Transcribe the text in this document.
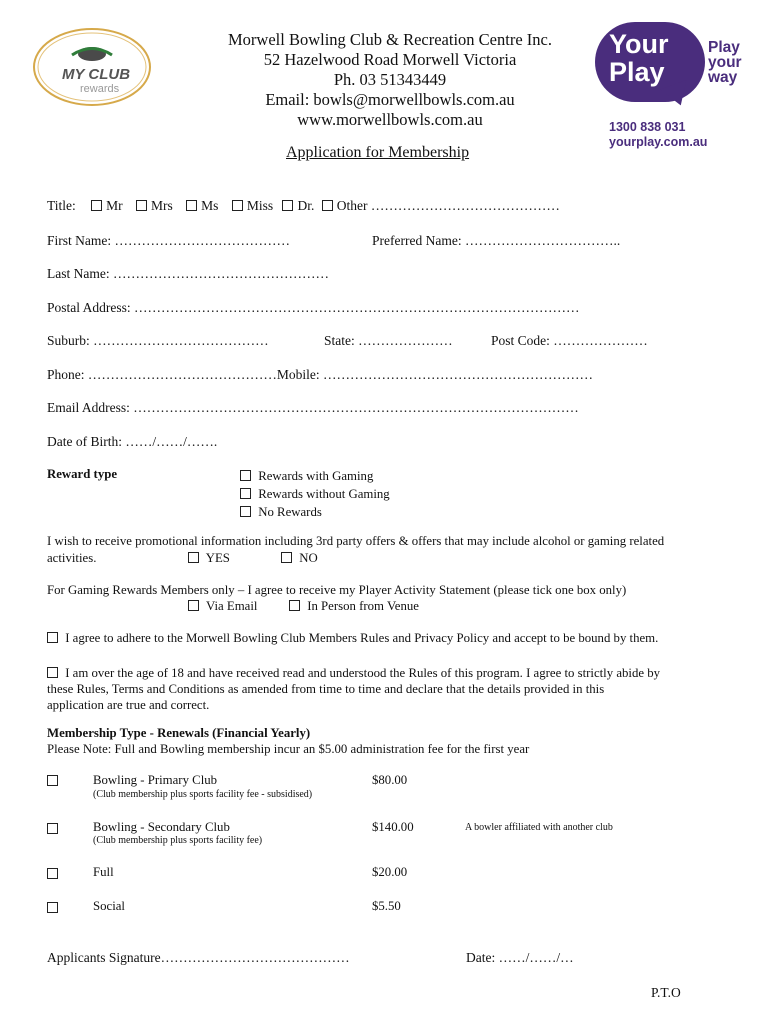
MY CLUB
rewards
Your
Play
Play
your
way
1300 838 031
yourplay.com.au
Morwell Bowling Club & Recreation Centre Inc.
52 Hazelwood Road Morwell Victoria
Ph. 03 51343449
Email: bowls@morwellbowls.com.au
www.morwellbowls.com.au
Application for Membership
Title: Mr Mrs Ms Miss Dr. Other ……………………………………
First Name: …………………………………	Preferred Name: ……………………………..
Last Name: …………………………………………
Postal Address: ………………………………………………………………………………………
Suburb: …………………………………	State: …………………	Post Code: …………………
Phone: ……………………………………Mobile: ……………………………………………………
Email Address: ………………………………………………………………………………………
Date of Birth: ……/……/…….
Reward type	Rewards with Gaming
Rewards without Gaming
No Rewards
I wish to receive promotional information including 3rd party offers & offers that may include alcohol or gaming related
activities.	YES	NO
For Gaming Rewards Members only – I agree to receive my Player Activity Statement (please tick one box only)
Via Email	In Person from Venue
I agree to adhere to the Morwell Bowling Club Members Rules and Privacy Policy and accept to be bound by them.
I am over the age of 18 and have received read and understood the Rules of this program. I agree to strictly abide by
these Rules, Terms and Conditions as amended from time to time and declare that the details provided in this
application are true and correct.
Membership Type - Renewals (Financial Yearly)
Please Note: Full and Bowling membership incur an $5.00 administration fee for the first year
Bowling - Primary Club
(Club membership plus sports facility fee - subsidised)
$80.00
Bowling - Secondary Club
(Club membership plus sports facility fee)
$140.00	A bowler affiliated with another club
Full	$20.00
Social	$5.50
Applicants Signature……………………………………	Date: ……/……/…
P.T.O
